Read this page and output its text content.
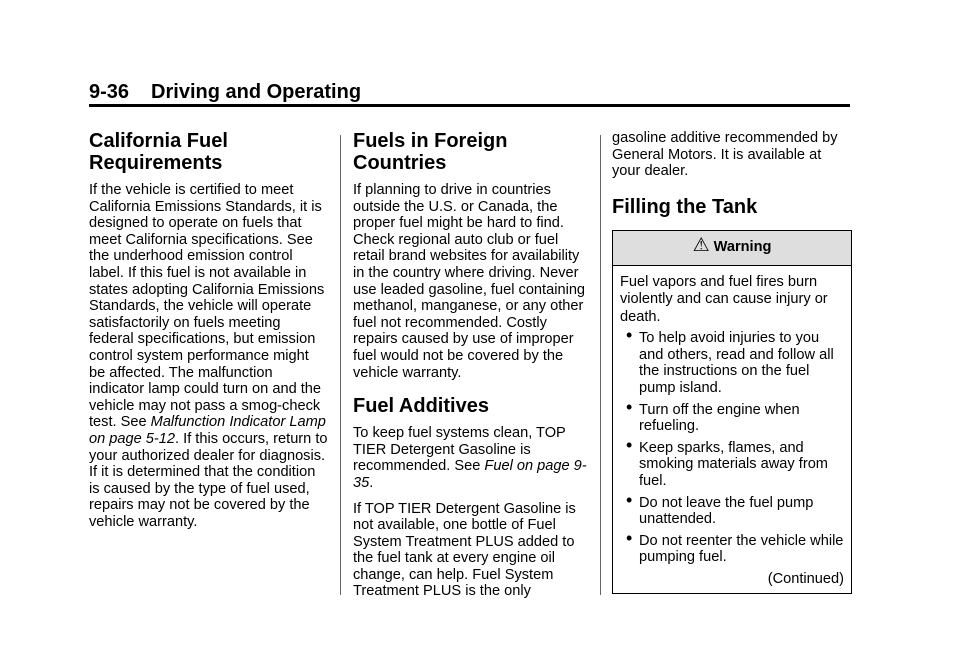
9-36 Driving and Operating
California Fuel Requirements

If the vehicle is certified to meet California Emissions Standards, it is designed to operate on fuels that meet California specifications. See the underhood emission control label. If this fuel is not available in states adopting California Emissions Standards, the vehicle will operate satisfactorily on fuels meeting federal specifications, but emission control system performance might be affected. The malfunction indicator lamp could turn on and the vehicle may not pass a smog-check test. See Malfunction Indicator Lamp on page 5-12. If this occurs, return to your authorized dealer for diagnosis. If it is determined that the condition is caused by the type of fuel used, repairs may not be covered by the vehicle warranty.

Fuels in Foreign Countries

If planning to drive in countries outside the U.S. or Canada, the proper fuel might be hard to find. Check regional auto club or fuel retail brand websites for availability in the country where driving. Never use leaded gasoline, fuel containing methanol, manganese, or any other fuel not recommended. Costly repairs caused by use of improper fuel would not be covered by the vehicle warranty.

Fuel Additives

To keep fuel systems clean, TOP TIER Detergent Gasoline is recommended. See Fuel on page 9-35.

If TOP TIER Detergent Gasoline is not available, one bottle of Fuel System Treatment PLUS added to the fuel tank at every engine oil change, can help. Fuel System Treatment PLUS is the only

gasoline additive recommended by General Motors. It is available at your dealer.

Filling the Tank
⚠ Warning

Fuel vapors and fuel fires burn violently and can cause injury or death.

• To help avoid injuries to you and others, read and follow all the instructions on the fuel pump island.
• Turn off the engine when refueling.
• Keep sparks, flames, and smoking materials away from fuel.
• Do not leave the fuel pump unattended.
• Do not reenter the vehicle while pumping fuel.
(Continued)
